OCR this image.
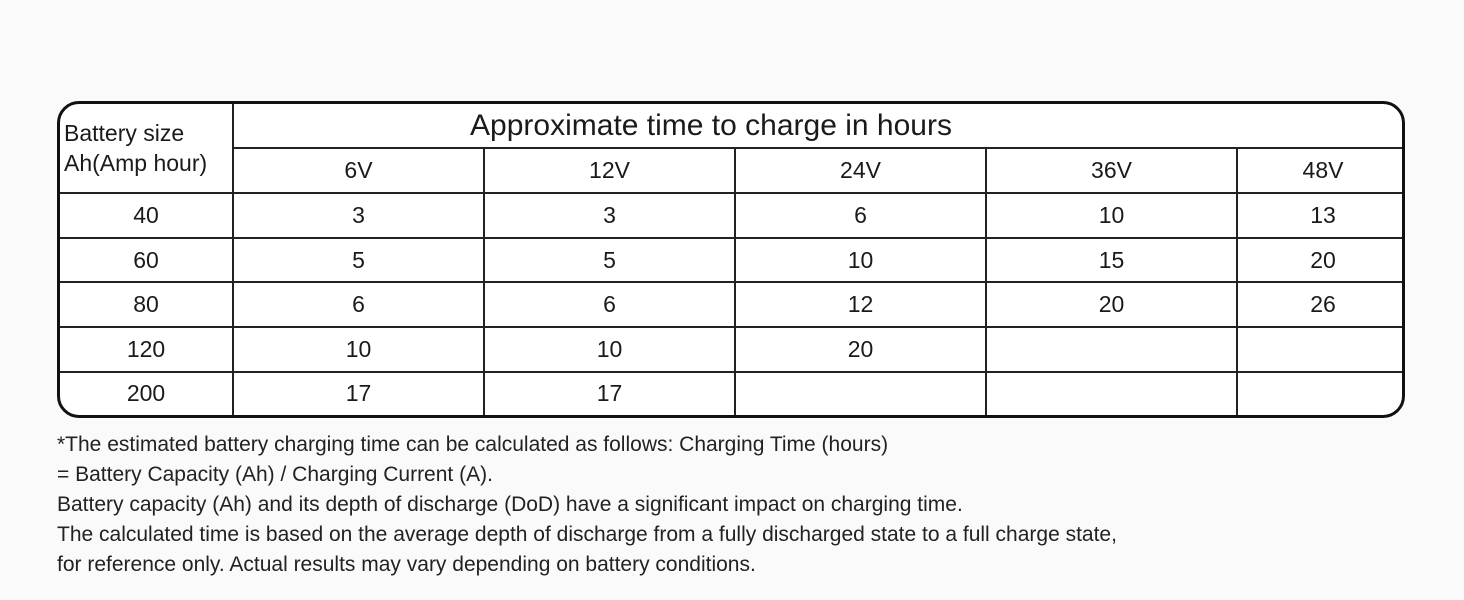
Battery size
Ah(Amp hour)	Approximate time to charge in hours				
	6V	12V	24V	36V	48V
40	3	3	6	10	13
60	5	5	10	15	20
80	6	6	12	20	26
120	10	10	20		
200	17	17			
*The estimated battery charging time can be calculated as follows: Charging Time (hours)
= Battery Capacity (Ah) / Charging Current (A).
Battery capacity (Ah) and its depth of discharge (DoD) have a significant impact on charging time.
The calculated time is based on the average depth of discharge from a fully discharged state to a full charge state,
for reference only. Actual results may vary depending on battery conditions.
